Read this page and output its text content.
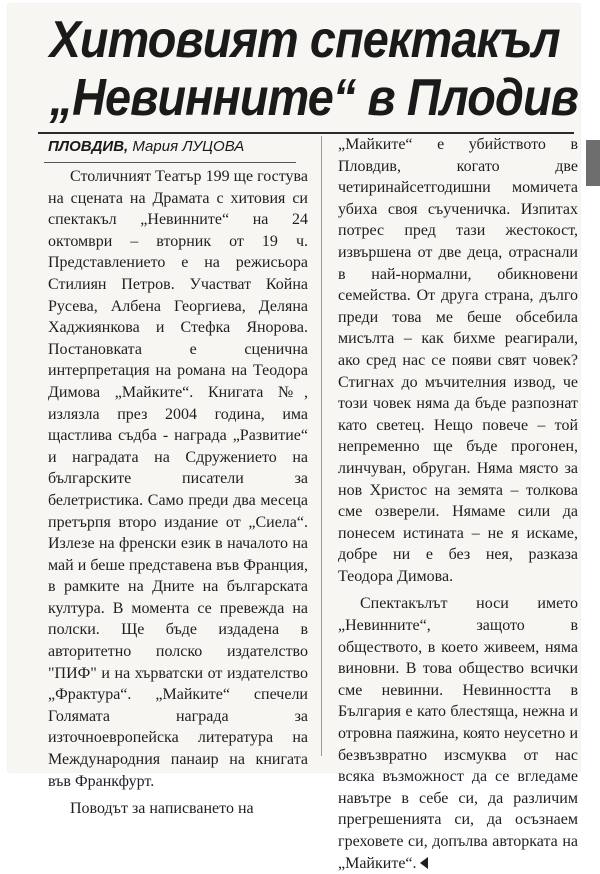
Хитовият спектакъл
„Невинните“ в Плодив
ПЛОВДИВ, Мария ЛУЦОВА

Столичният Театър 199 ще гостува на сцената на Драмата с хитовия си спектакъл „Невинните“ на 24 октомври – вторник от 19 ч. Представлението е на режисьора Стилиян Петров. Участват Койна Русева, Албена Георгиева, Деляна Хаджиянкова и Стефка Янорова. Постановката е сценична интерпретация на романа на Теодора Димова „Майките“. Книгата №, излязла през 2004 година, има щастлива съдба - награда „Развитие“ и наградата на Сдружението на българските писатели за белетристика. Само преди два месеца претърпя второ издание от „Сиела“. Излезе на френски език в началото на май и беше представена във Франция, в рамките на Дните на българската култура. В момента се превежда на полски. Ще бъде издадена в авторитетно полско издателство "ПИФ" и на хърватски от издателство „Фрактура“. „Майките“ спечели Голямата награда за източноевропейска литература на Международния панаир на книгата във Франкфурт.

Поводът за написването на

„Майките“ е убийството в Пловдив, когато две четиринайсетгодишни момичета убиха своя съученичка. Изпитах потрес пред тази жестокост, извършена от две деца, отраснали в най-нормални, обикновени семейства. От друга страна, дълго преди това ме беше обсебила мисълта – как бихме реагирали, ако сред нас се появи свят човек? Стигнах до мъчителния извод, че този човек няма да бъде разпознат като светец. Нещо повече – той непременно ще бъде прогонен, линчуван, обруган. Няма място за нов Христос на земята – толкова сме озверели. Нямаме сили да понесем истината – не я искаме, добре ни е без нея, разказа Теодора Димова.

Спектакълът носи името „Невинните“, защото в обществото, в което живеем, няма виновни. В това общество всички сме невинни. Невинността в България е като блестяща, нежна и отровна паяжина, която неусетно и безвъзвратно изсмуква от нас всяка възможност да се вгледаме навътре в себе си, да различим прегрешенията си, да осъзнаем греховете си, допълва авторката на „Майките“.
